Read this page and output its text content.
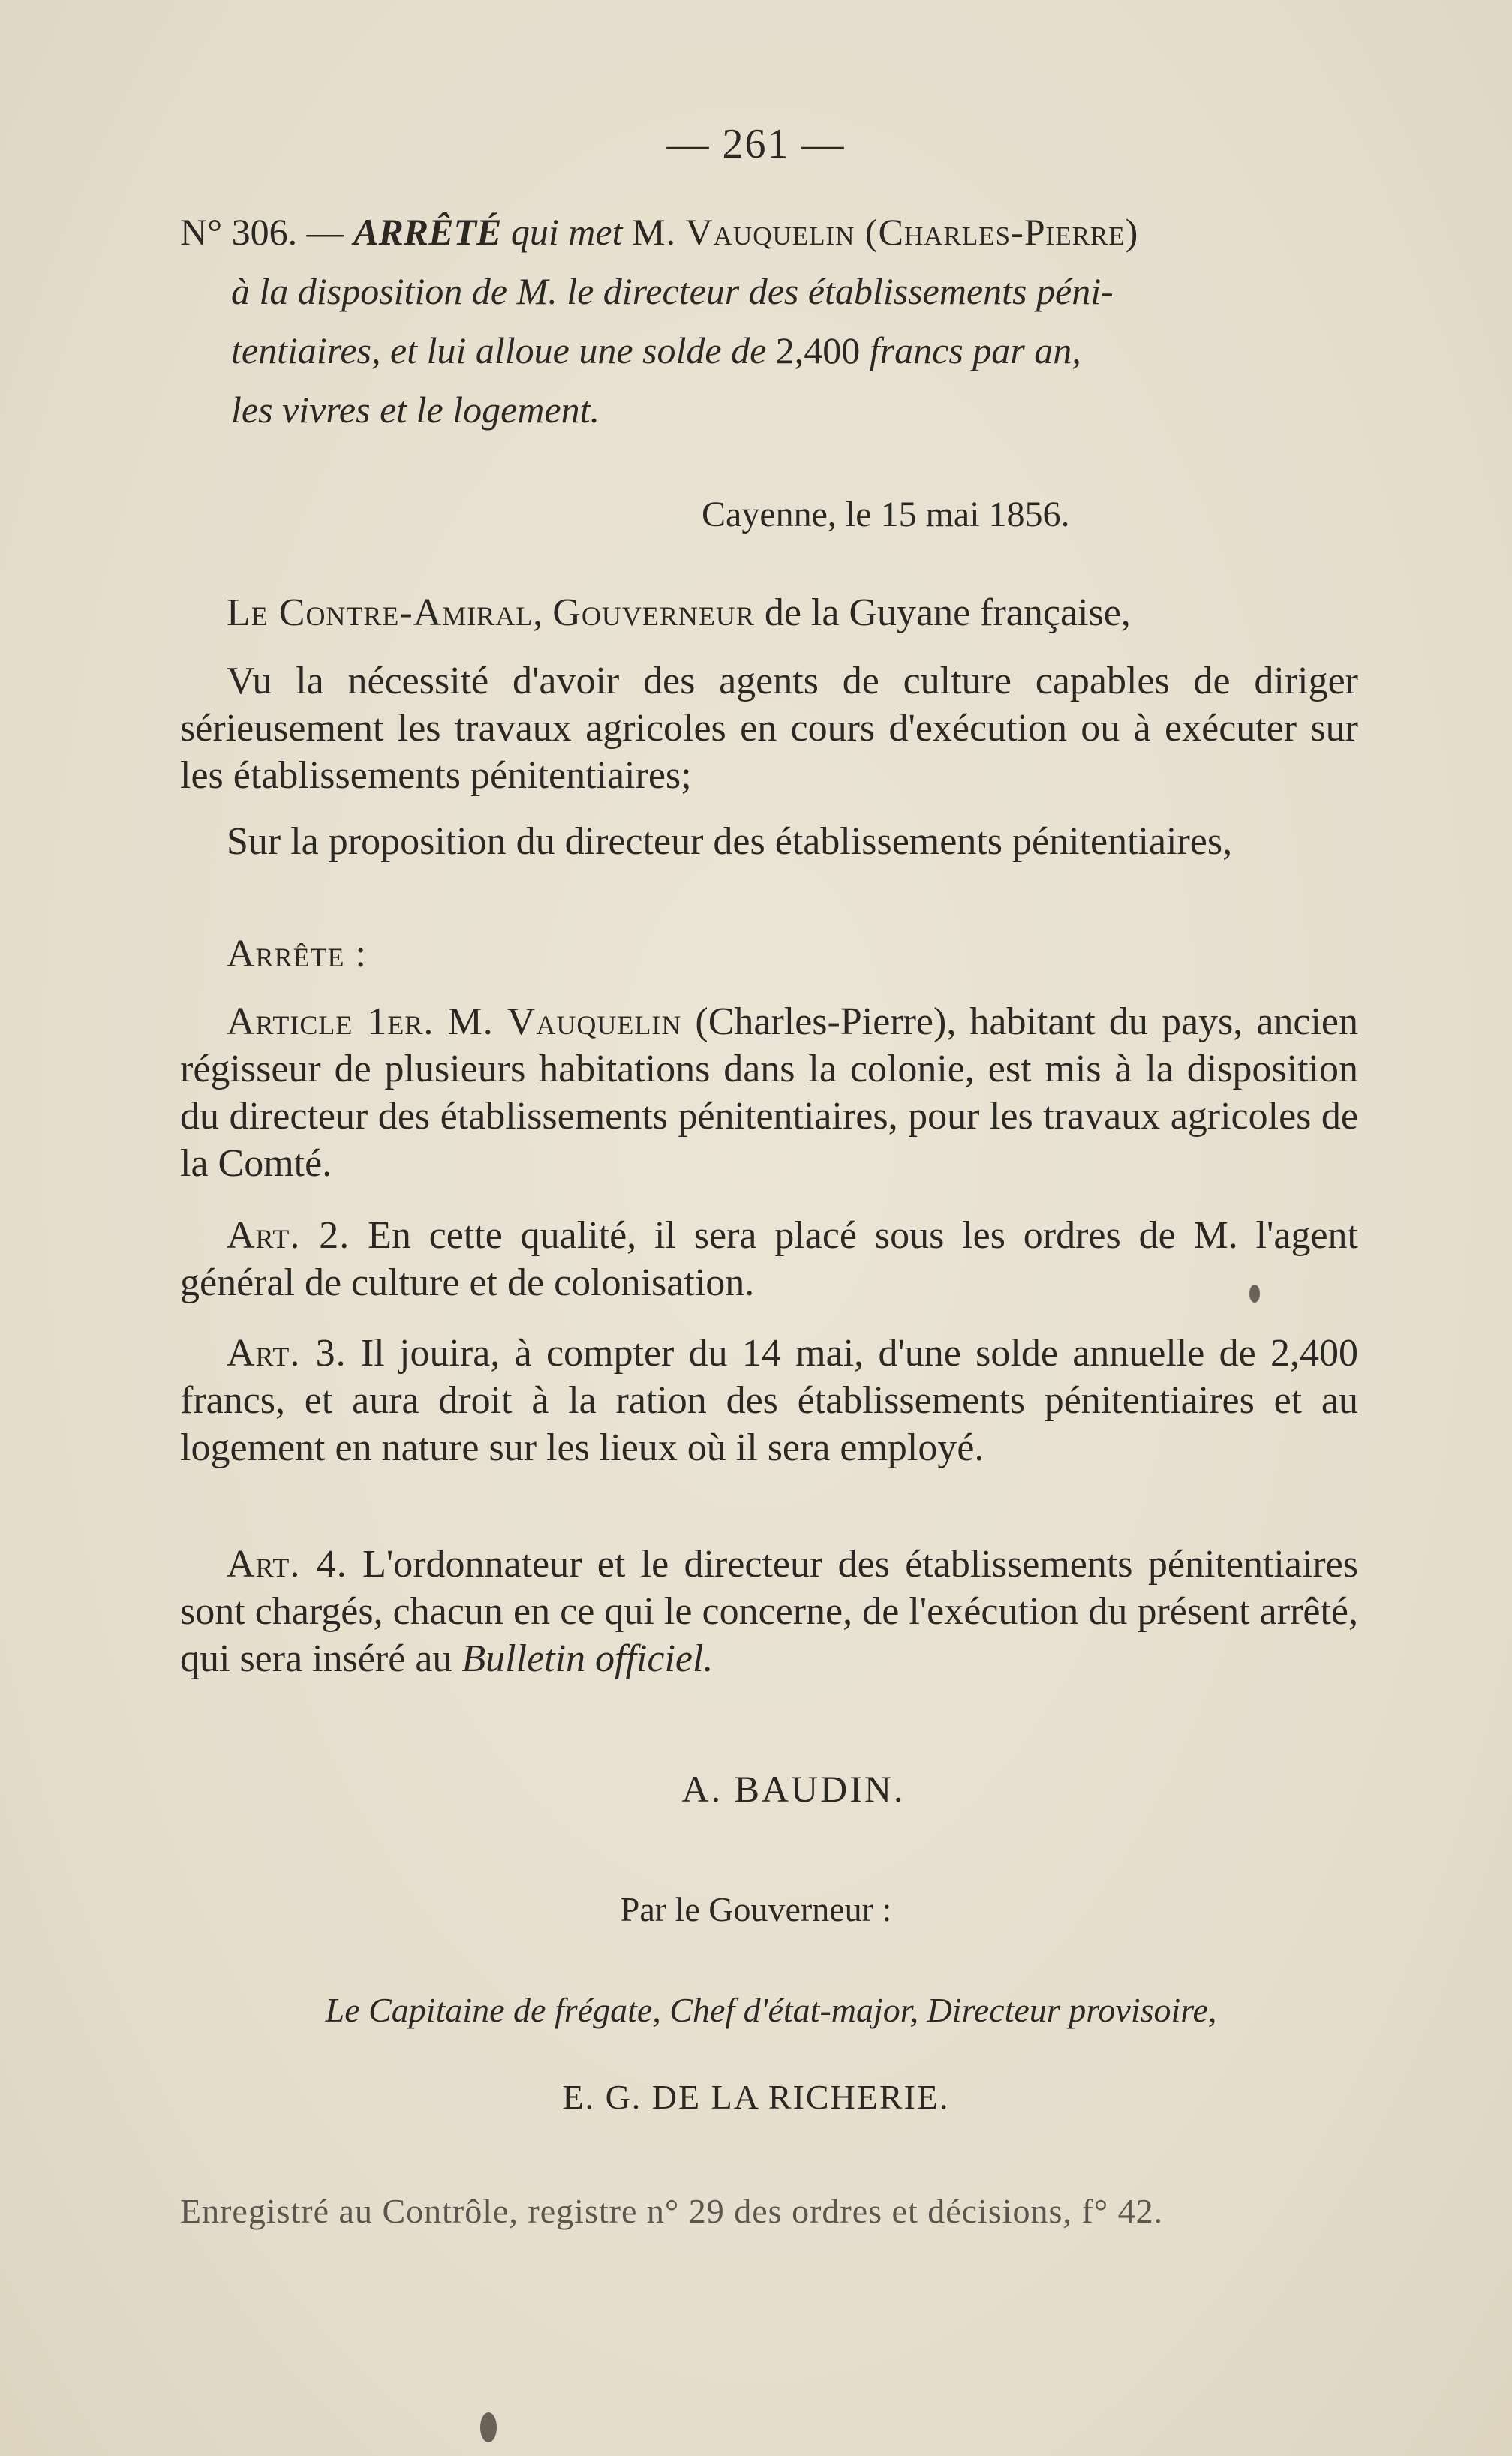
— 261 —
N° 306. — ARRÊTÉ qui met M. Vauquelin (Charles-Pierre)
à la disposition de M. le directeur des établissements péni-
tentiaires, et lui alloue une solde de 2,400 francs par an,
les vivres et le logement.
Cayenne, le 15 mai 1856.
Le Contre-Amiral, Gouverneur de la Guyane française,
Vu la nécessité d'avoir des agents de culture capables de diriger sérieusement les travaux agricoles en cours d'exécution ou à exécuter sur les établissements pénitentiaires;
Sur la proposition du directeur des établissements pénitentiaires,
Arrête :
Article 1er. M. Vauquelin (Charles-Pierre), habitant du pays, ancien régisseur de plusieurs habitations dans la colonie, est mis à la disposition du directeur des établissements pénitentiaires, pour les travaux agricoles de la Comté.
Art. 2. En cette qualité, il sera placé sous les ordres de M. l'agent général de culture et de colonisation.
Art. 3. Il jouira, à compter du 14 mai, d'une solde annuelle de 2,400 francs, et aura droit à la ration des établissements pénitentiaires et au logement en nature sur les lieux où il sera employé.
Art. 4. L'ordonnateur et le directeur des établissements pénitentiaires sont chargés, chacun en ce qui le concerne, de l'exécution du présent arrêté, qui sera inséré au Bulletin officiel.
A. BAUDIN.
Par le Gouverneur :
Le Capitaine de frégate, Chef d'état-major, Directeur provisoire,
E. G. DE LA RICHERIE.
Enregistré au Contrôle, registre n° 29 des ordres et décisions, f° 42.
